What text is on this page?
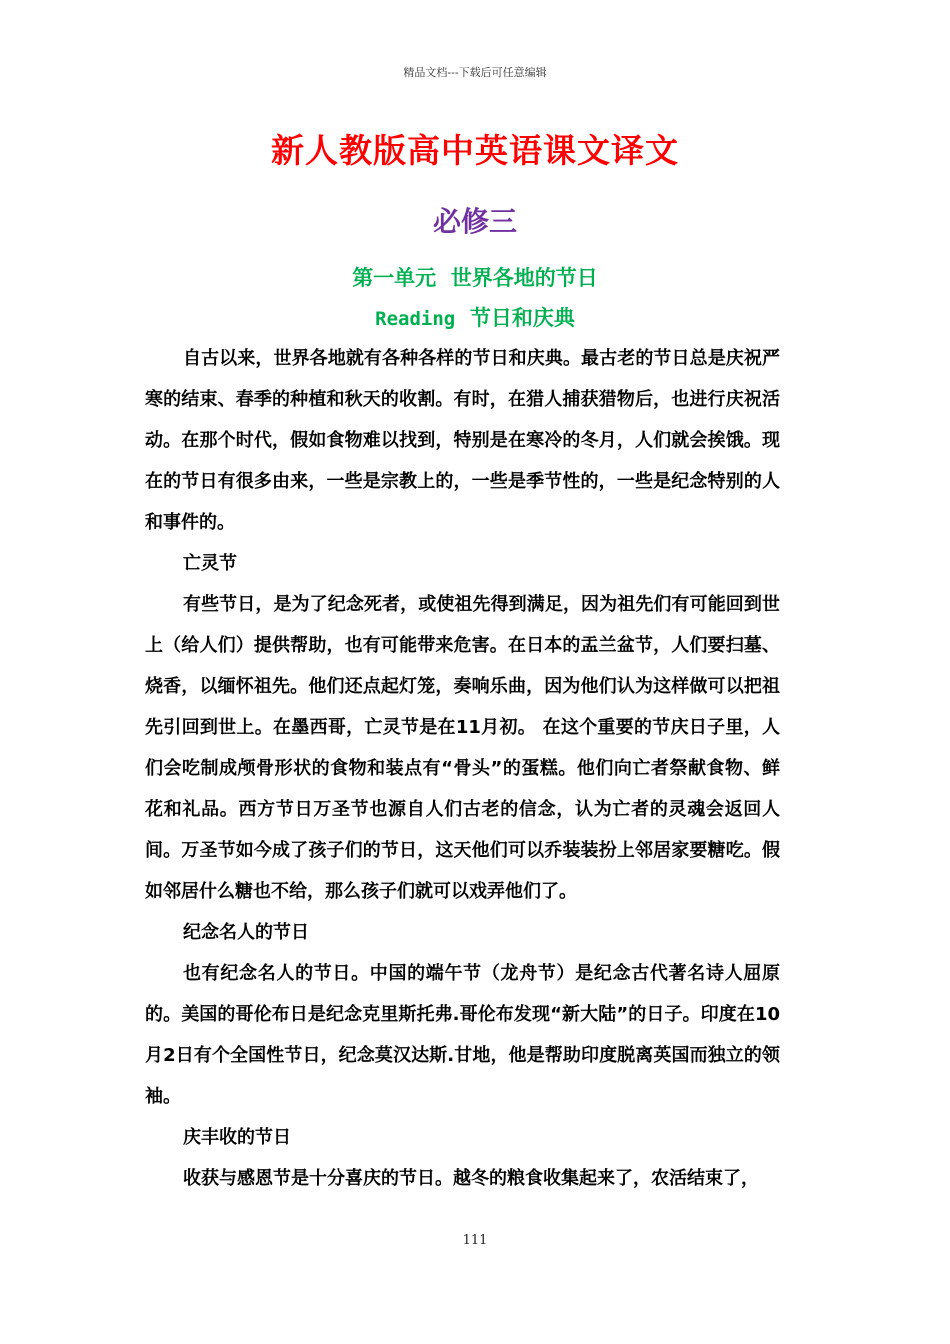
精品文档---下载后可任意编辑
新人教版高中英语课文译文
必修三
第一单元  世界各地的节日
Reading 节日和庆典

自古以来，世界各地就有各种各样的节日和庆典。最古老的节日总是庆祝严寒的结束、春季的种植和秋天的收割。有时，在猎人捕获猎物后，也进行庆祝活动。在那个时代，假如食物难以找到，特别是在寒冷的冬月，人们就会挨饿。现在的节日有很多由来，一些是宗教上的，一些是季节性的，一些是纪念特别的人和事件的。

亡灵节

有些节日，是为了纪念死者，或使祖先得到满足，因为祖先们有可能回到世上（给人们）提供帮助，也有可能带来危害。在日本的盂兰盆节，人们要扫墓、烧香，以缅怀祖先。他们还点起灯笼，奏响乐曲，因为他们认为这样做可以把祖先引回到世上。在墨西哥，亡灵节是在11月初。 在这个重要的节庆日子里，人们会吃制成颅骨形状的食物和装点有“骨头”的蛋糕。他们向亡者祭献食物、鲜花和礼品。西方节日万圣节也源自人们古老的信念，认为亡者的灵魂会返回人间。万圣节如今成了孩子们的节日，这天他们可以乔装装扮上邻居家要糖吃。假如邻居什么糖也不给，那么孩子们就可以戏弄他们了。

纪念名人的节日

也有纪念名人的节日。中国的端午节（龙舟节）是纪念古代著名诗人屈原的。美国的哥伦布日是纪念克里斯托弗.哥伦布发现“新大陆”的日子。印度在10月2日有个全国性节日，纪念莫汉达斯.甘地，他是帮助印度脱离英国而独立的领袖。

庆丰收的节日

收获与感恩节是十分喜庆的节日。越冬的粮食收集起来了，农活结束了，

111
